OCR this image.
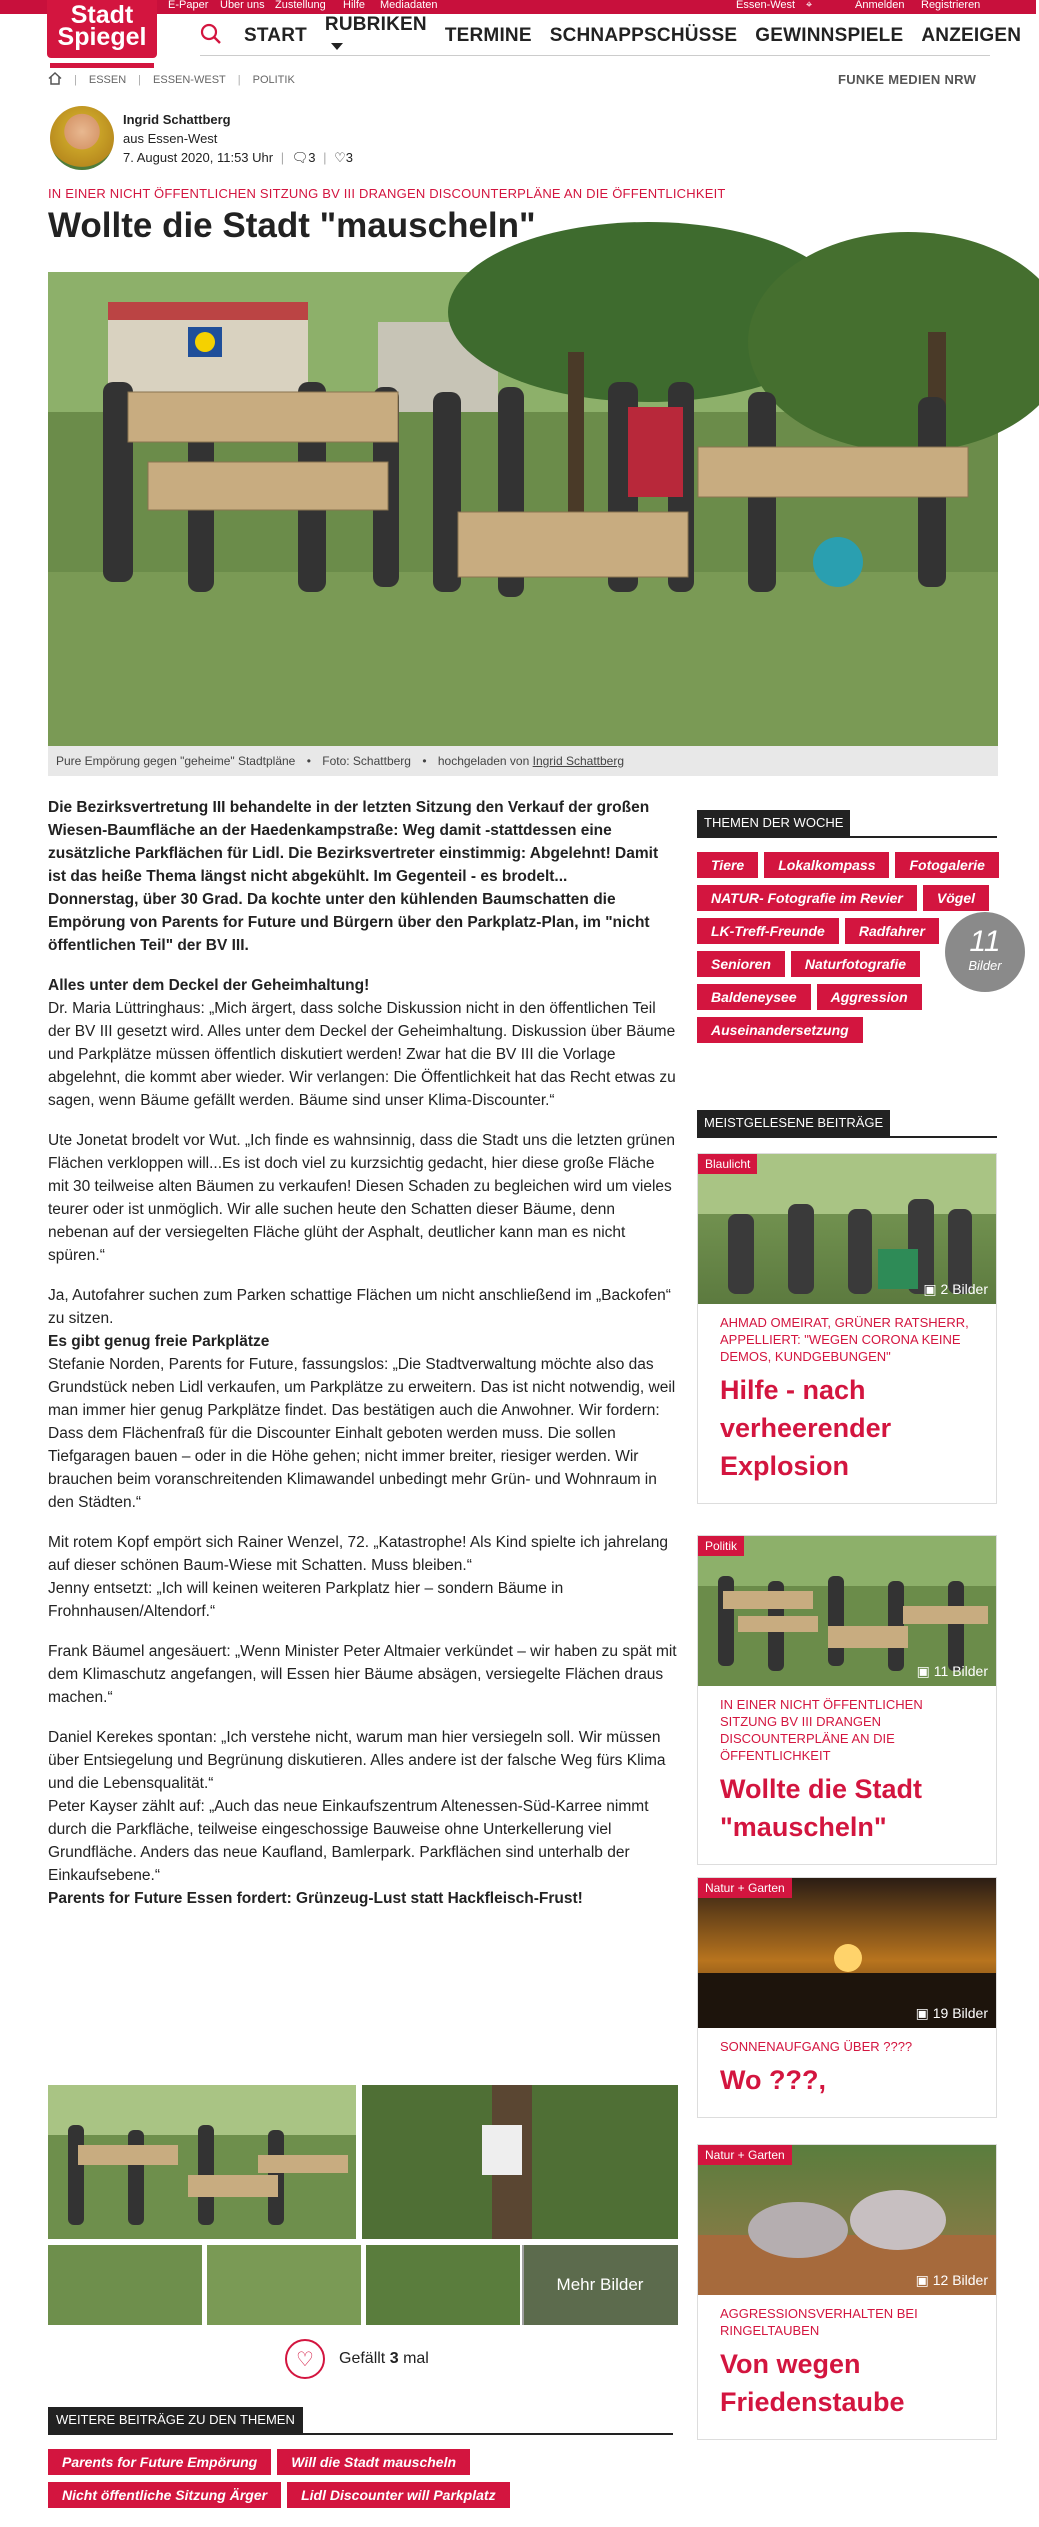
E-Paper Über uns Zustellung Hilfe Mediadaten	Essen-West ⌖	Anmelden Registrieren
Stadt
Spiegel	START
RUBRIKEN
TERMINE SCHNAPPSCHÜSSE GEWINNSPIELE ANZEIGEN
| ESSEN | ESSEN-WEST | POLITIK	FUNKE MEDIEN NRW
Ingrid Schattberg
aus Essen-West
7. August 2020, 11:53 Uhr | 🗨3 | ♡3
IN EINER NICHT ÖFFENTLICHEN SITZUNG BV III DRANGEN DISCOUNTERPLÄNE AN DIE ÖFFENTLICHKEIT
Wollte die Stadt "mauscheln"
11
Bilder
Pure Empörung gegen "geheime" Stadtpläne • Foto: Schattberg • hochgeladen von Ingrid Schattberg

Die Bezirksvertretung III behandelte in der letzten Sitzung den Verkauf der großen Wiesen-Baumfläche an der Haedenkampstraße: Weg damit -stattdessen eine zusätzliche Parkflächen für Lidl. Die Bezirksvertreter einstimmig: Abgelehnt! Damit ist das heiße Thema längst nicht abgekühlt. Im Gegenteil - es brodelt...

Donnerstag, über 30 Grad. Da kochte unter den kühlenden Baumschatten die Empörung von Parents for Future und Bürgern über den Parkplatz-Plan, im "nicht öffentlichen Teil" der BV III.

Alles unter dem Deckel der Geheimhaltung!

Dr. Maria Lüttringhaus: „Mich ärgert, dass solche Diskussion nicht in den öffentlichen Teil der BV III gesetzt wird. Alles unter dem Deckel der Geheimhaltung. Diskussion über Bäume und Parkplätze müssen öffentlich diskutiert werden! Zwar hat die BV III die Vorlage abgelehnt, die kommt aber wieder. Wir verlangen: Die Öffentlichkeit hat das Recht etwas zu sagen, wenn Bäume gefällt werden. Bäume sind unser Klima-Discounter.“

Ute Jonetat brodelt vor Wut. „Ich finde es wahnsinnig, dass die Stadt uns die letzten grünen Flächen verkloppen will...Es ist doch viel zu kurzsichtig gedacht, hier diese große Fläche mit 30 teilweise alten Bäumen zu verkaufen! Diesen Schaden zu begleichen wird um vieles teurer oder ist unmöglich. Wir alle suchen heute den Schatten dieser Bäume, denn nebenan auf der versiegelten Fläche glüht der Asphalt, deutlicher kann man es nicht spüren.“

Ja, Autofahrer suchen zum Parken schattige Flächen um nicht anschließend im „Backofen“ zu sitzen.

Es gibt genug freie Parkplätze

Stefanie Norden, Parents for Future, fassungslos: „Die Stadtverwaltung möchte also das Grundstück neben Lidl verkaufen, um Parkplätze zu erweitern. Das ist nicht notwendig, weil man immer hier genug Parkplätze findet. Das bestätigen auch die Anwohner. Wir fordern: Dass dem Flächenfraß für die Discounter Einhalt geboten werden muss. Die sollen Tiefgaragen bauen – oder in die Höhe gehen; nicht immer breiter, riesiger werden. Wir brauchen beim voranschreitenden Klimawandel unbedingt mehr Grün- und Wohnraum in den Städten.“

Mit rotem Kopf empört sich Rainer Wenzel, 72. „Katastrophe! Als Kind spielte ich jahrelang auf dieser schönen Baum-Wiese mit Schatten. Muss bleiben.“

Jenny entsetzt: „Ich will keinen weiteren Parkplatz hier – sondern Bäume in Frohnhausen/Altendorf.“

Frank Bäumel angesäuert: „Wenn Minister Peter Altmaier verkündet – wir haben zu spät mit dem Klimaschutz angefangen, will Essen hier Bäume absägen, versiegelte Flächen draus machen.“

Daniel Kerekes spontan: „Ich verstehe nicht, warum man hier versiegeln soll. Wir müssen über Entsiegelung und Begrünung diskutieren. Alles andere ist der falsche Weg fürs Klima und die Lebensqualität.“

Peter Kayser zählt auf: „Auch das neue Einkaufszentrum Altenessen-Süd-Karree nimmt durch die Parkfläche, teilweise eingeschossige Bauweise ohne Unterkellerung viel Grundfläche. Anders das neue Kaufland, Bamlerpark. Parkflächen sind unterhalb der Einkaufsebene.“

Parents for Future Essen fordert: Grünzeug-Lust statt Hackfleisch-Frust!

THEMEN DER WOCHE
Tiere Lokalkompass FotogalerieNATUR- Fotografie im Revier VögelLK-Treff-Freunde RadfahrerSenioren NaturfotografieBaldeneysee AggressionAuseinandersetzung
MEISTGELESENE BEITRÄGE
Blaulicht
▣ 2 Bilder
AHMAD OMEIRAT, GRÜNER RATSHERR, APPELLIERT: "WEGEN CORONA KEINE DEMOS, KUNDGEBUNGEN"
Hilfe - nach verheerender Explosion
Politik
▣ 11 Bilder
IN EINER NICHT ÖFFENTLICHEN SITZUNG BV III DRANGEN DISCOUNTERPLÄNE AN DIE ÖFFENTLICHKEIT
Wollte die Stadt "mauscheln"
Natur + Garten
▣ 19 Bilder
SONNENAUFGANG ÜBER ????
Wo ???,
Natur + Garten
▣ 12 Bilder
AGGRESSIONSVERHALTEN BEI RINGELTAUBEN
Von wegen Friedenstaube
Mehr Bilder
♡	Gefällt
3
mal
WEITERE BEITRÄGE ZU DEN THEMEN
Parents for Future Empörung Will die Stadt mauscheln
Nicht öffentliche Sitzung Ärger Lidl Discounter will Parkplatz
